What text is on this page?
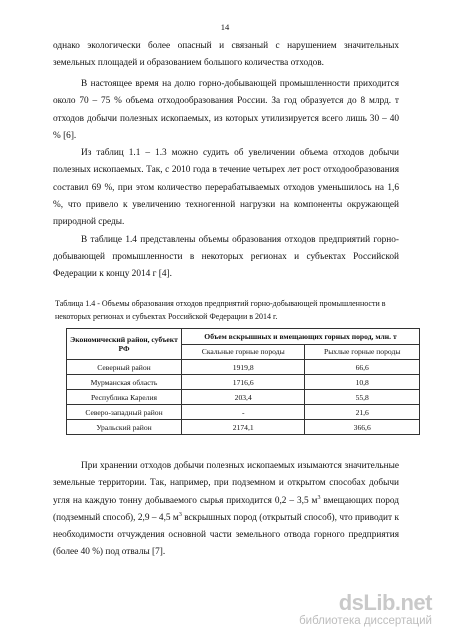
14
однако экологически более опасный и связаный с нарушением значительных земельных площадей и образованием большого количества отходов.
В настоящее время на долю горно-добывающей промышленности приходится около 70 – 75 % объема отходообразования России. За год образуется до 8 млрд. т отходов добычи полезных ископаемых, из которых утилизируется всего лишь 30 – 40 % [6].
Из таблиц 1.1 – 1.3 можно судить об увеличении объема отходов добычи полезных ископаемых. Так, с 2010 года в течение четырех лет рост отходообразования составил 69 %, при этом количество перерабатываемых отходов уменьшилось на 1,6 %, что привело к увеличению техногенной нагрузки на компоненты окружающей природной среды.
В таблице 1.4 представлены объемы образования отходов предприятий горно-добывающей промышленности в некоторых регионах и субъектах Российской Федерации к концу 2014 г [4].
Таблица 1.4 - Объемы образования отходов предприятий горно-добывающей промышленности в некоторых регионах и субъектах Российской Федерации в 2014 г.
Экономический район, субъект РФ	Объем вскрышных и вмещающих горных пород, млн. т	
	Скальные горные породы	Рыхлые горные породы
Северный район	1919,8	66,6
Мурманская область	1716,6	10,8
Республика Карелия	203,4	55,8
Северо-западный район	-	21,6
Уральский район	2174,1	366,6
При хранении отходов добычи полезных ископаемых изымаются значительные земельные территории. Так, например, при подземном и открытом способах добычи угля на каждую тонну добываемого сырья приходится 0,2 – 3,5 $м^3$ вмещающих пород (подземный способ), 2,9 – 4,5 $м^3$ вскрышных пород (открытый способ), что приводит к необходимости отчуждения основной части земельного отвода горного предприятия (более 40 %) под отвалы [7].
dsLib.net
библиотека диссертаций
